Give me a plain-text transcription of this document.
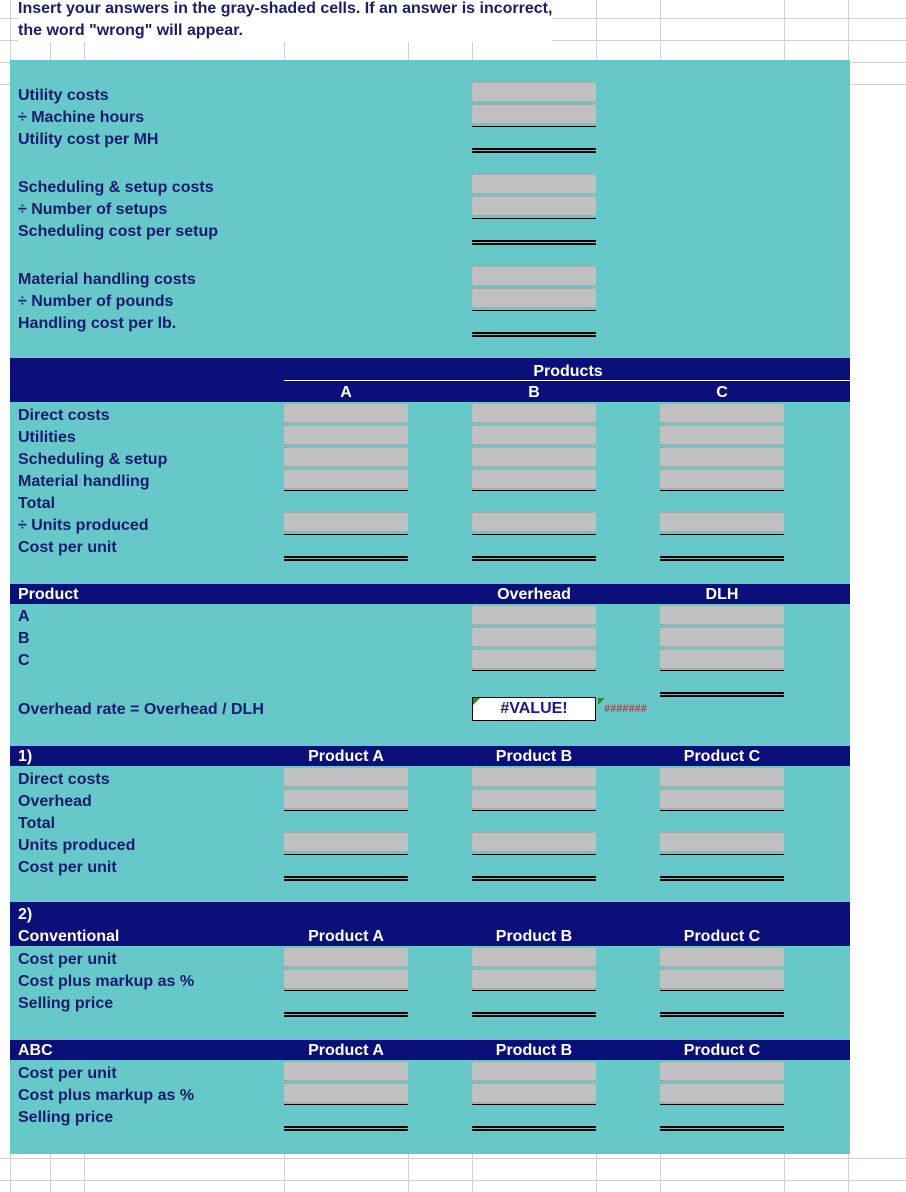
Insert your answers in the gray-shaded cells. If an answer is incorrect,
the word "wrong" will appear.
Utility costs
÷ Machine hours
Utility cost per MH
Scheduling & setup costs
÷ Number of setups
Scheduling cost per setup
Material handling costs
÷ Number of pounds
Handling cost per lb.
Products
A	B	C
Direct costs
Utilities
Scheduling & setup
Material handling
Total
÷ Units produced
Cost per unit
Product	Overhead	DLH
A
B
C
Overhead rate = Overhead / DLH	#VALUE!	#######
1)	Product A	Product B	Product C
Direct costs
Overhead
Total
Units produced
Cost per unit
2)
Conventional	Product A	Product B	Product C
Cost per unit
Cost plus markup as %
Selling price
ABC	Product A	Product B	Product C
Cost per unit
Cost plus markup as %
Selling price
